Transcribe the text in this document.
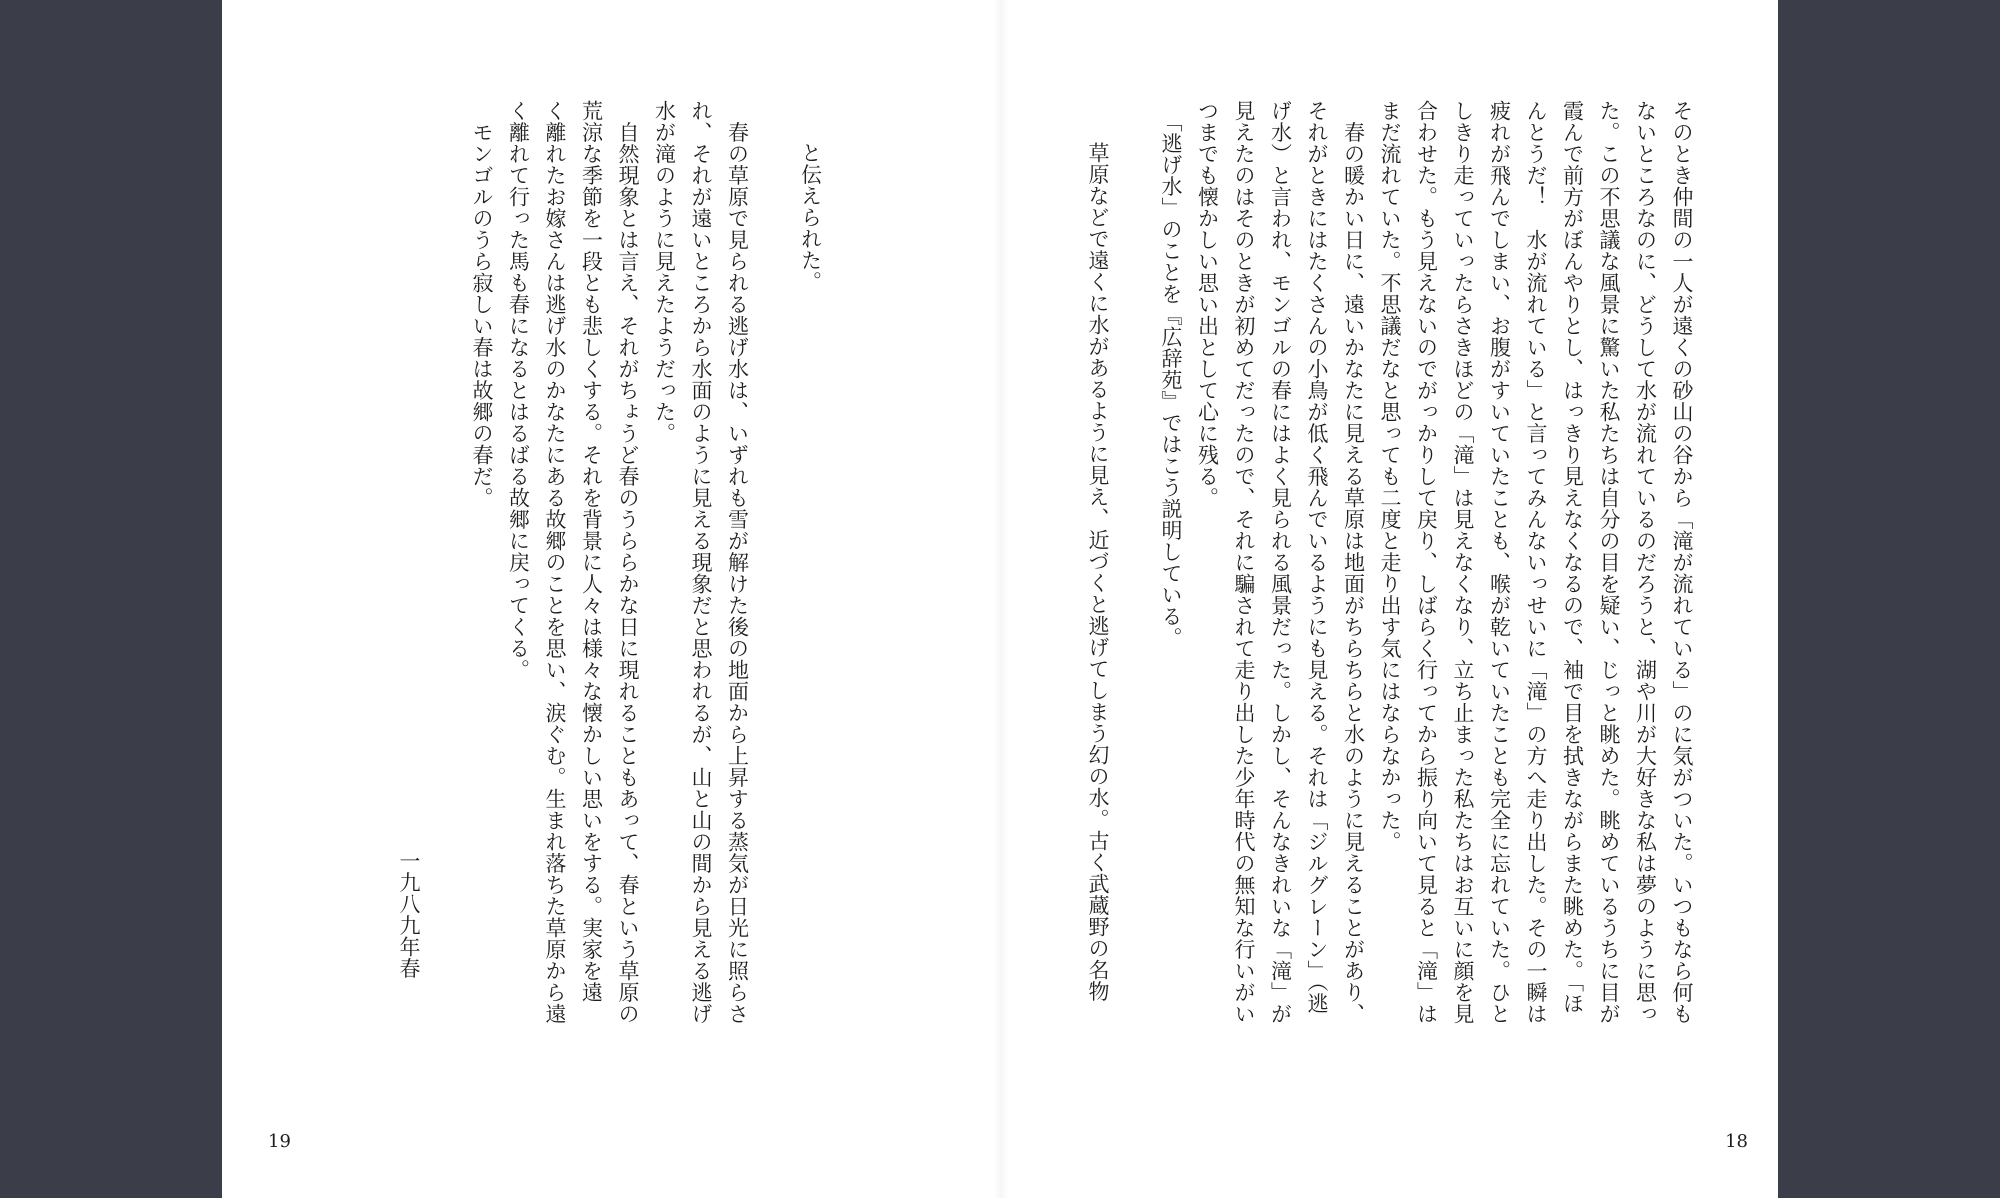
と伝えられた。

　春の草原で見られる逃げ水は、いずれも雪が解けた後の地面から上昇する蒸気が日光に照らさ

れ、それが遠いところから水面のように見える現象だと思われるが、山と山の間から見える逃げ

水が滝のように見えたようだった。

　自然現象とは言え、それがちょうど春のうららかな日に現れることもあって、春という草原の

荒涼な季節を一段とも悲しくする。それを背景に人々は様々な懐かしい思いをする。実家を遠

く離れたお嫁さんは逃げ水のかなたにある故郷のことを思い、涙ぐむ。生まれ落ちた草原から遠

く離れて行った馬も春になるとはるばる故郷に戻ってくる。

　モンゴルのうら寂しい春は故郷の春だ。

一九八九年春

19

そのとき仲間の一人が遠くの砂山の谷から「滝が流れている」のに気がついた。いつもなら何も

ないところなのに、どうして水が流れているのだろうと、湖や川が大好きな私は夢のように思っ

た。この不思議な風景に驚いた私たちは自分の目を疑い、じっと眺めた。眺めているうちに目が

霞んで前方がぼんやりとし、はっきり見えなくなるので、袖で目を拭きながらまた眺めた。「ほ

んとうだ！　水が流れている」と言ってみんないっせいに「滝」の方へ走り出した。その一瞬は

疲れが飛んでしまい、お腹がすいていたことも、喉が乾いていたことも完全に忘れていた。ひと

しきり走っていったらさきほどの「滝」は見えなくなり、立ち止まった私たちはお互いに顔を見

合わせた。もう見えないのでがっかりして戻り、しばらく行ってから振り向いて見ると「滝」は

まだ流れていた。不思議だなと思っても二度と走り出す気にはならなかった。

　春の暖かい日に、遠いかなたに見える草原は地面がちらちらと水のように見えることがあり、

それがときにはたくさんの小鳥が低く飛んでいるようにも見える。それは「ジルグレーン」（逃

げ水）と言われ、モンゴルの春にはよく見られる風景だった。しかし、そんなきれいな「滝」が

見えたのはそのときが初めてだったので、それに騙されて走り出した少年時代の無知な行いがい

つまでも懐かしい思い出として心に残る。

　「逃げ水」のことを『広辞苑』ではこう説明している。

草原などで遠くに水があるように見え、近づくと逃げてしまう幻の水。古く武蔵野の名物

18
